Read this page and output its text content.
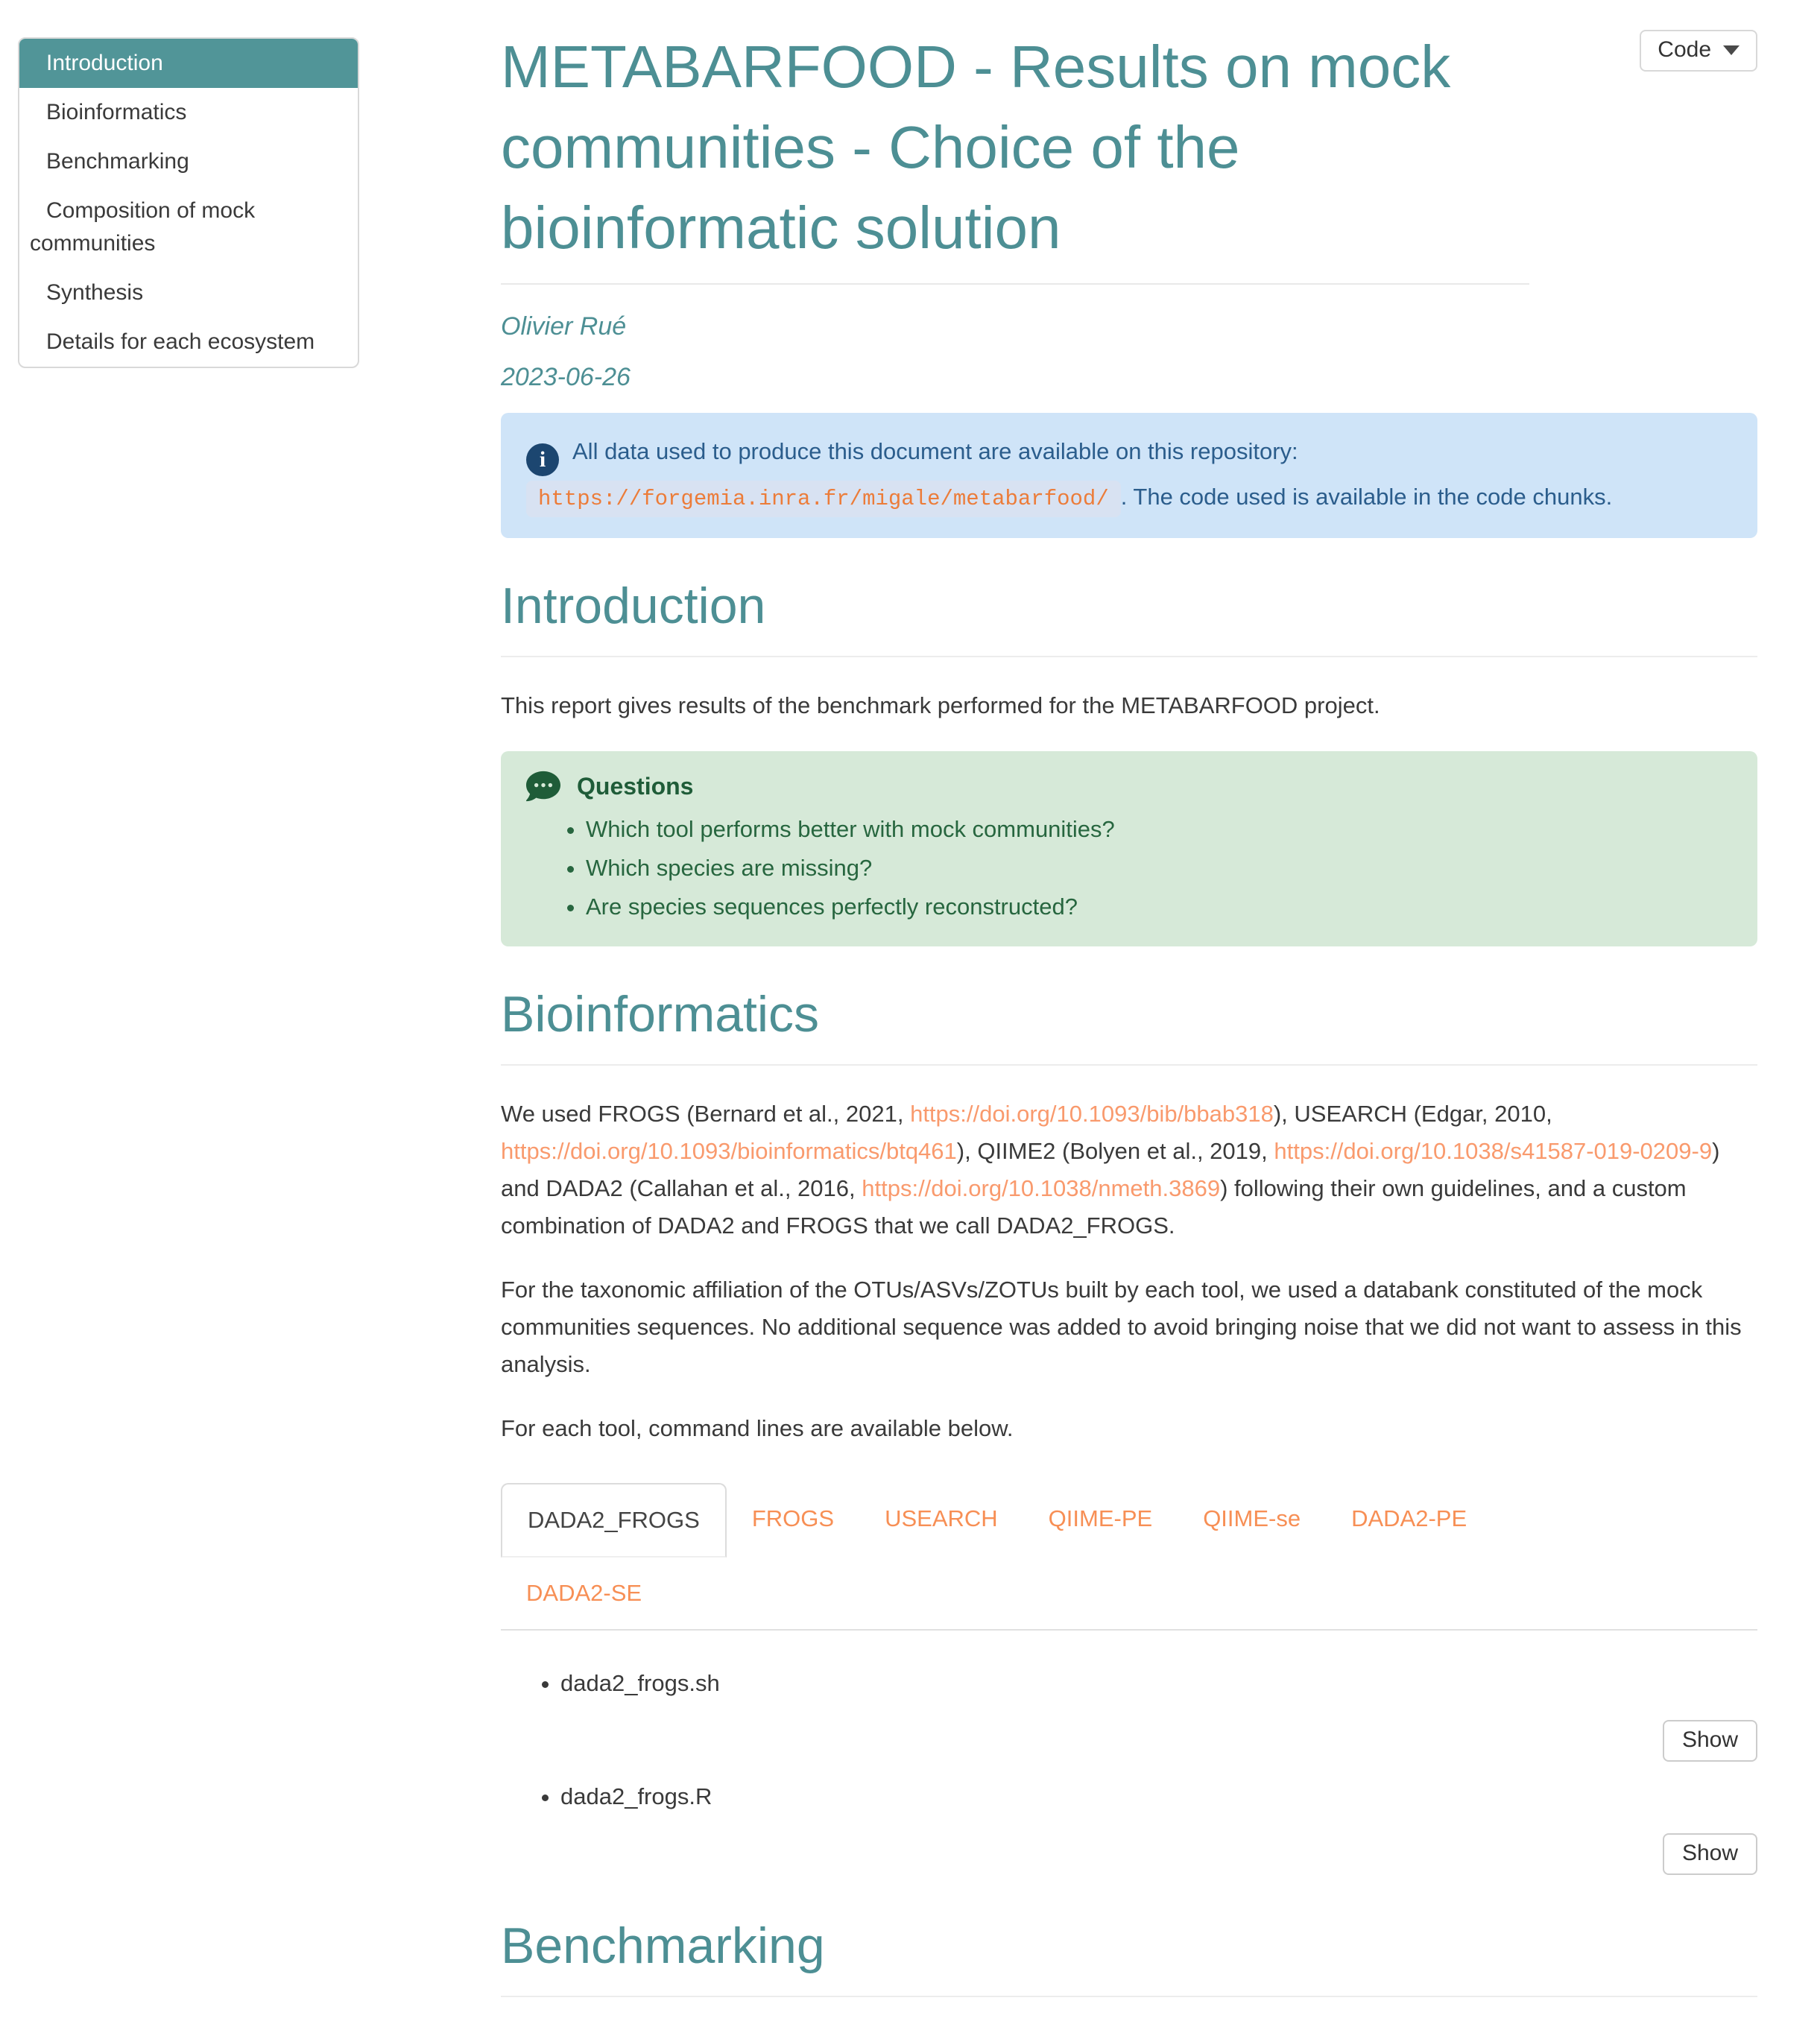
Introduction
Bioinformatics
Benchmarking
Composition of mock communities
Synthesis
Details for each ecosystem
Code
METABARFOOD - Results on mock communities - Choice of the bioinformatic solution
Olivier Rué
2023-06-26
i All data used to produce this document are available on this repository: https://forgemia.inra.fr/migale/metabarfood/ . The code used is available in the code chunks.
Introduction

This report gives results of the benchmark performed for the METABARFOOD project.

Questions
• Which tool performs better with mock communities?
• Which species are missing?
• Are species sequences perfectly reconstructed?
Bioinformatics

We used FROGS (Bernard et al., 2021, https://doi.org/10.1093/bib/bbab318), USEARCH (Edgar, 2010, https://doi.org/10.1093/bioinformatics/btq461), QIIME2 (Bolyen et al., 2019, https://doi.org/10.1038/s41587-019-0209-9) and DADA2 (Callahan et al., 2016, https://doi.org/10.1038/nmeth.3869) following their own guidelines, and a custom combination of DADA2 and FROGS that we call DADA2_FROGS.

For the taxonomic affiliation of the OTUs/ASVs/ZOTUs built by each tool, we used a databank constituted of the mock communities sequences. No additional sequence was added to avoid bringing noise that we did not want to assess in this analysis.

For each tool, command lines are available below.

DADA2_FROGS	FROGS	USEARCH	QIIME-PE	QIIME-se	DADA2-PE
DADA2-SE
• dada2_frogs.sh
Show
• dada2_frogs.R
Show
Benchmarking
